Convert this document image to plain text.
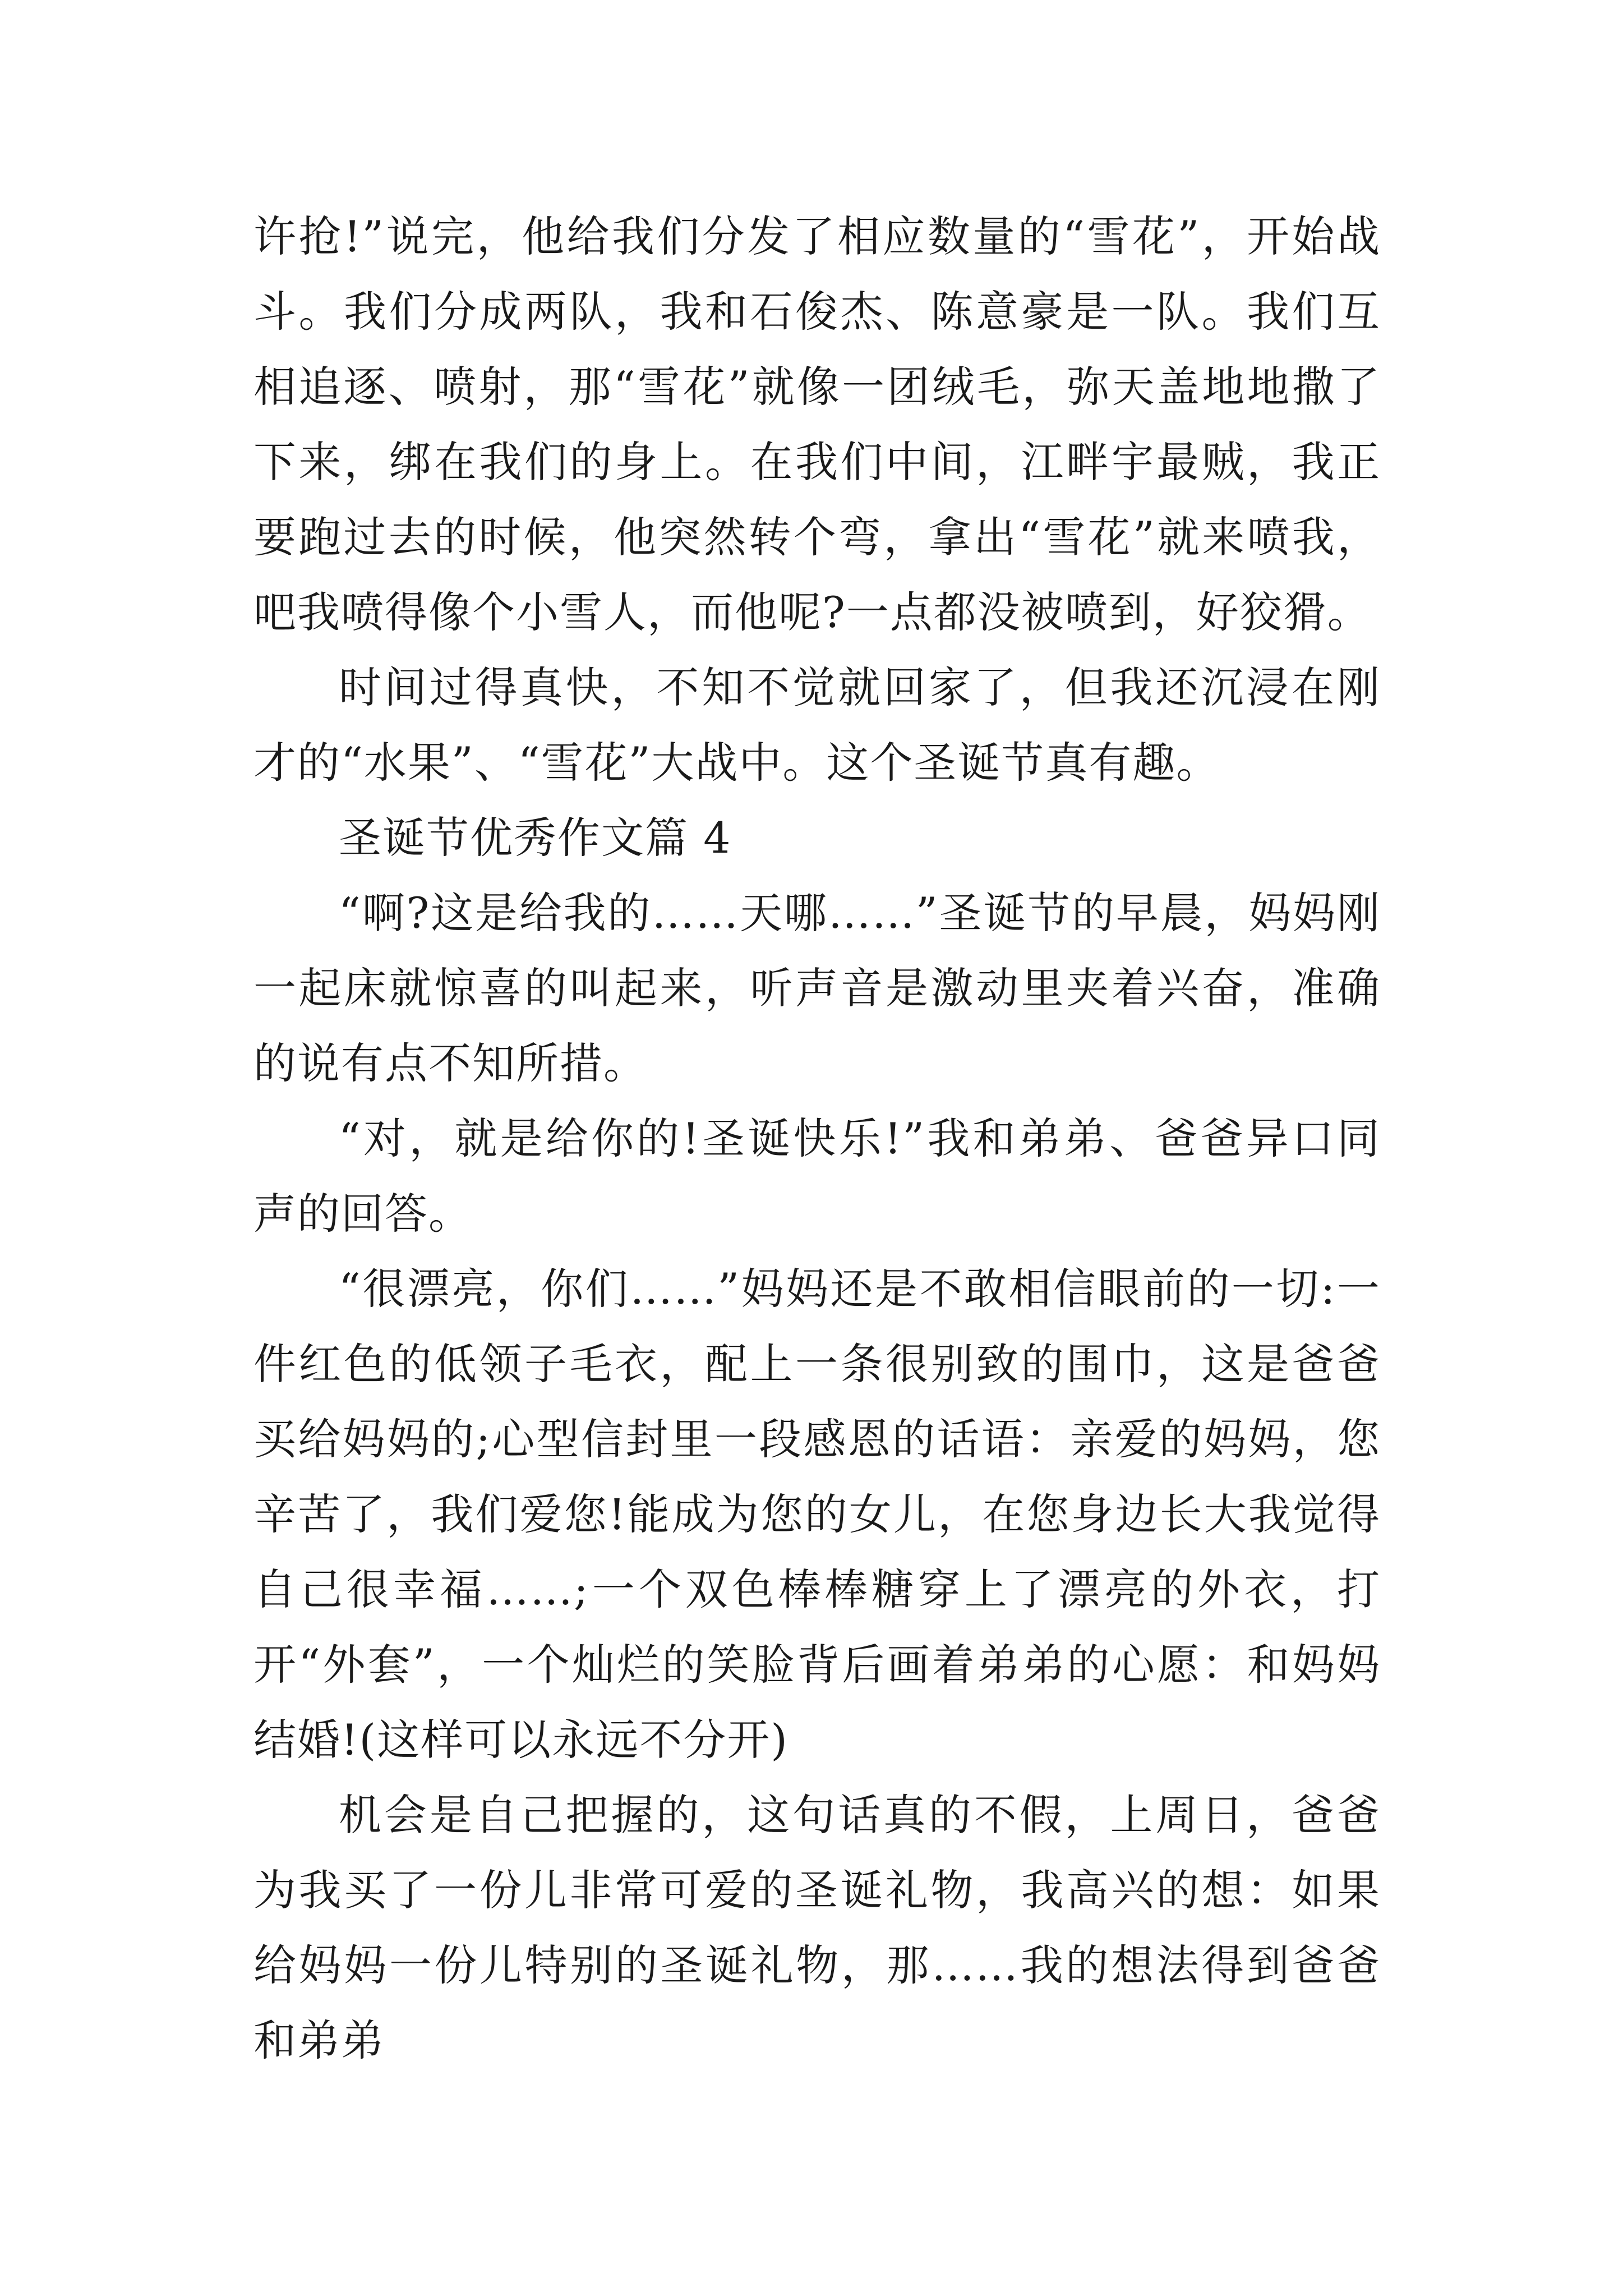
许抢!”说完，他给我们分发了相应数量的“雪花”，开始战斗。我们分成两队，我和石俊杰、陈意豪是一队。我们互相追逐、喷射，那“雪花”就像一团绒毛，弥天盖地地撒了下来，绑在我们的身上。在我们中间，江畔宇最贼，我正要跑过去的时候，他突然转个弯，拿出“雪花”就来喷我，吧我喷得像个小雪人，而他呢?一点都没被喷到，好狡猾。

时间过得真快，不知不觉就回家了，但我还沉浸在刚才的“水果”、“雪花”大战中。这个圣诞节真有趣。

圣诞节优秀作文篇 4

“啊?这是给我的……天哪……”圣诞节的早晨，妈妈刚一起床就惊喜的叫起来，听声音是激动里夹着兴奋，准确的说有点不知所措。

“对，就是给你的!圣诞快乐!”我和弟弟、爸爸异口同声的回答。

“很漂亮，你们……”妈妈还是不敢相信眼前的一切:一件红色的低领子毛衣，配上一条很别致的围巾，这是爸爸买给妈妈的;心型信封里一段感恩的话语：亲爱的妈妈，您辛苦了，我们爱您!能成为您的女儿，在您身边长大我觉得自己很幸福……;一个双色棒棒糖穿上了漂亮的外衣，打开“外套”，一个灿烂的笑脸背后画着弟弟的心愿：和妈妈结婚!(这样可以永远不分开)

机会是自己把握的，这句话真的不假，上周日，爸爸为我买了一份儿非常可爱的圣诞礼物，我高兴的想：如果给妈妈一份儿特别的圣诞礼物，那……我的想法得到爸爸和弟弟
